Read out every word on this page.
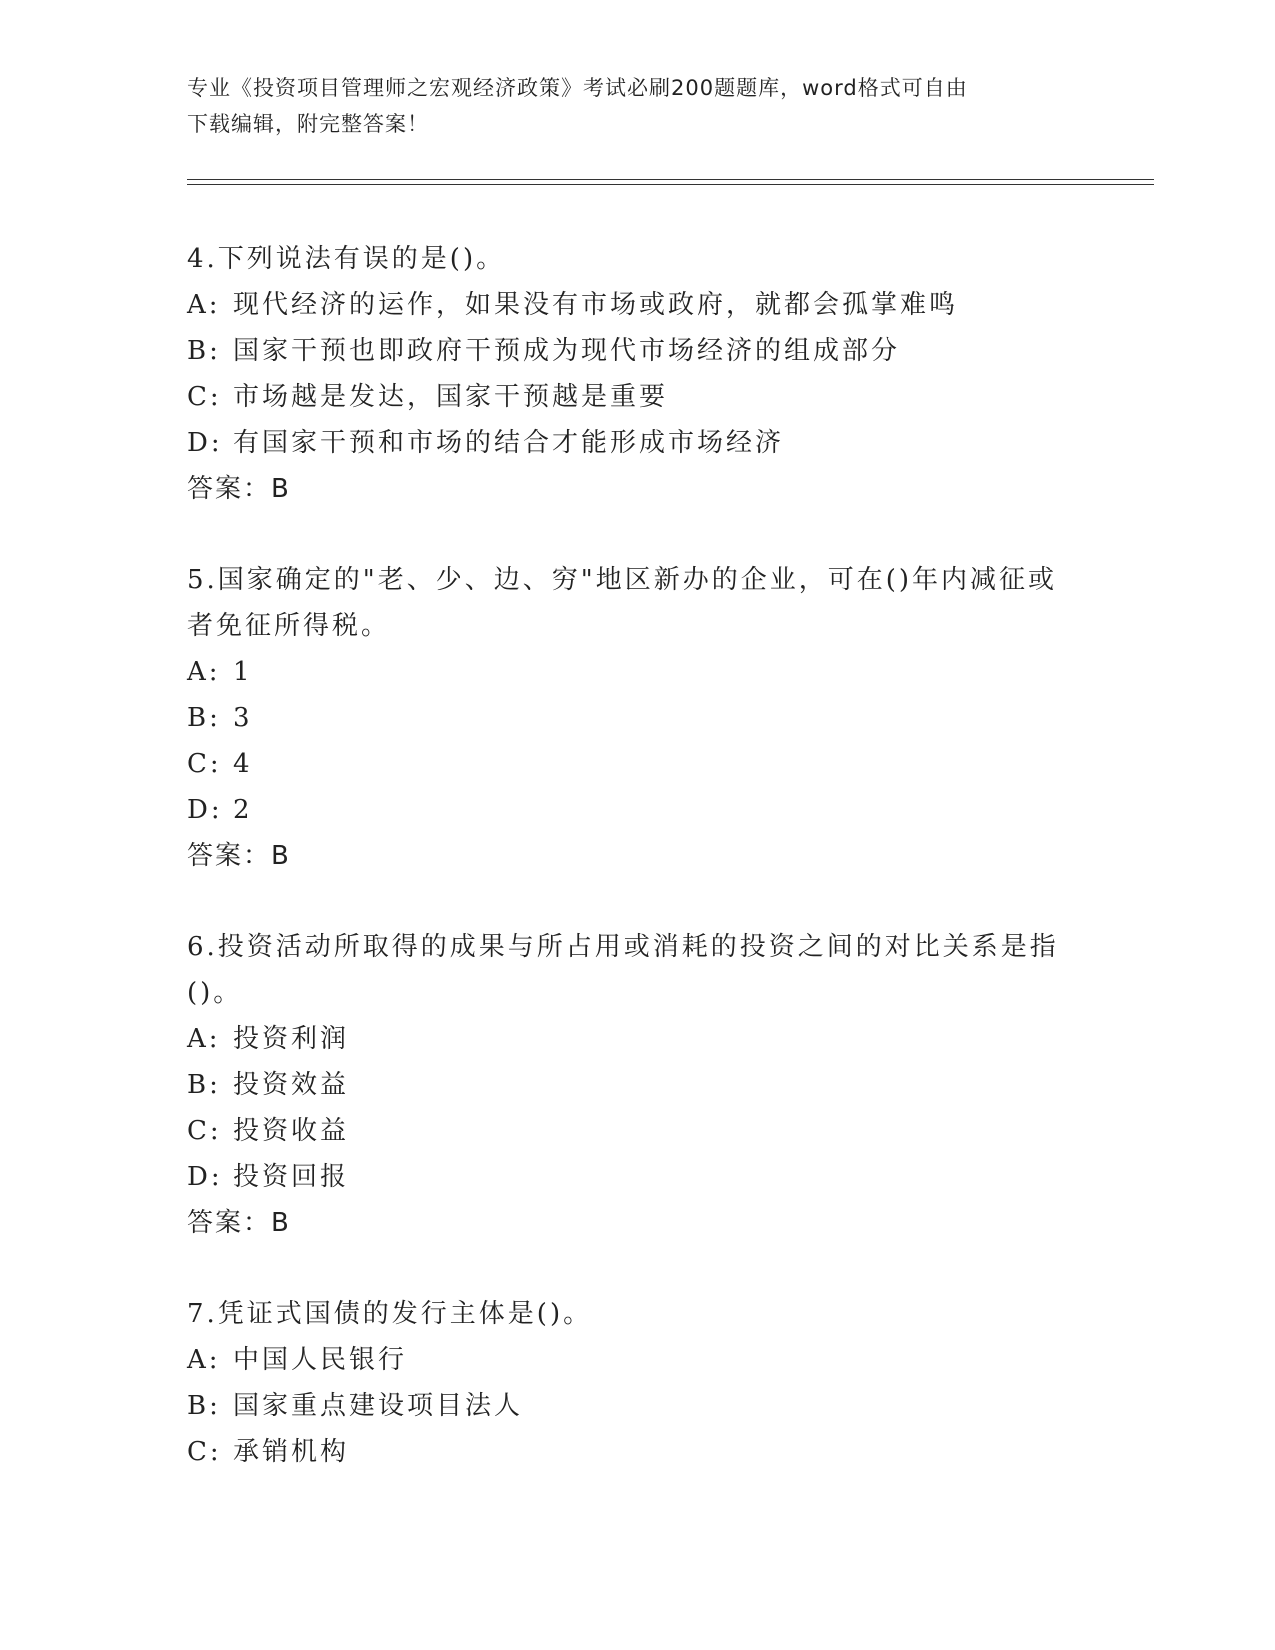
专业《投资项目管理师之宏观经济政策》考试必刷200题题库，word格式可自由
下载编辑，附完整答案！

4.下列说法有误的是()。

A: 现代经济的运作，如果没有市场或政府，就都会孤掌难鸣

B: 国家干预也即政府干预成为现代市场经济的组成部分

C: 市场越是发达，国家干预越是重要

D: 有国家干预和市场的结合才能形成市场经济

答案：B

5.国家确定的"老、少、边、穷"地区新办的企业，可在()年内减征或

者免征所得税。

A: 1

B: 3

C: 4

D: 2

答案：B

6.投资活动所取得的成果与所占用或消耗的投资之间的对比关系是指

()。

A: 投资利润

B: 投资效益

C: 投资收益

D: 投资回报

答案：B

7.凭证式国债的发行主体是()。

A: 中国人民银行

B: 国家重点建设项目法人

C: 承销机构
